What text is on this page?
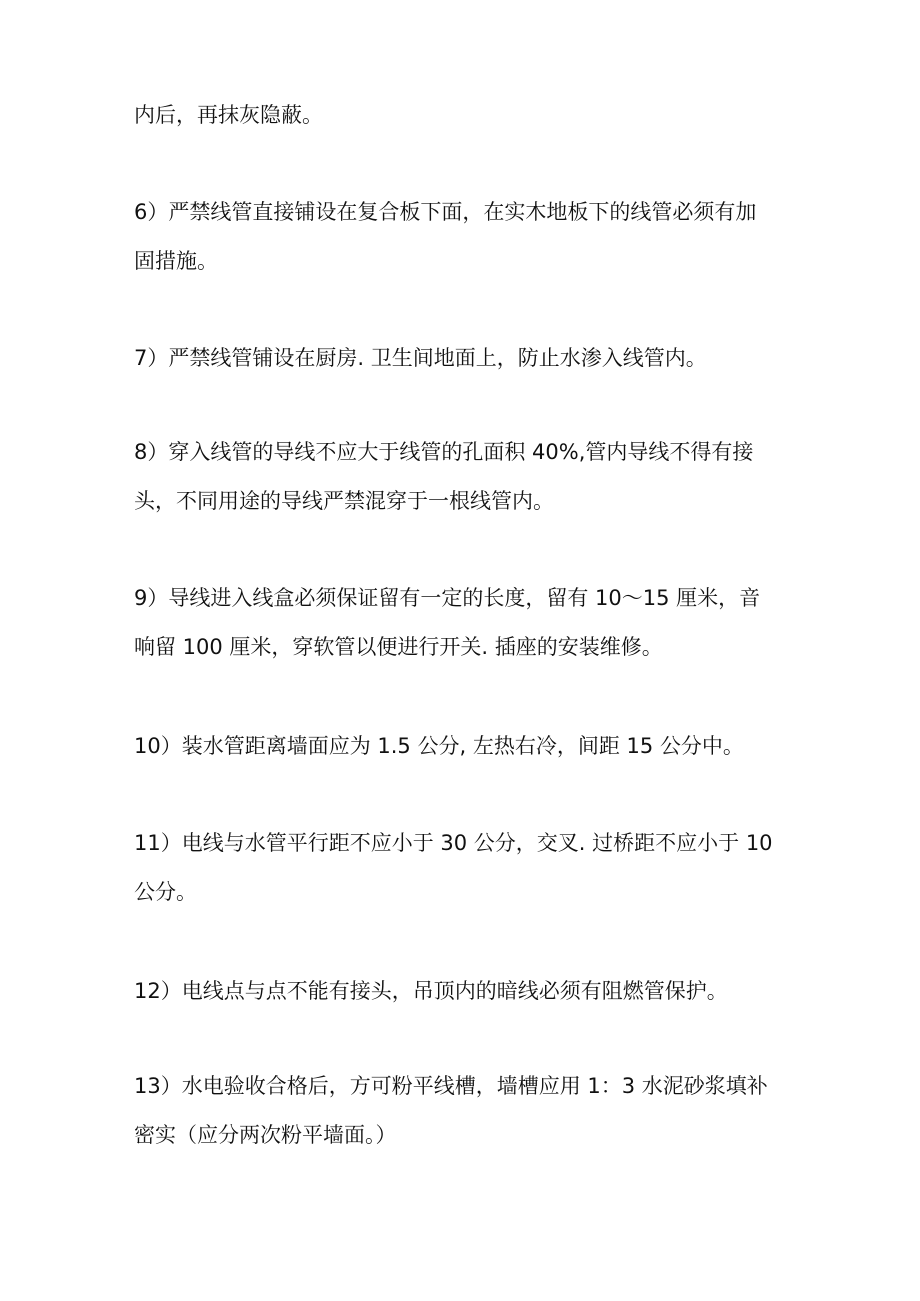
内后，再抹灰隐蔽。
6）严禁线管直接铺设在复合板下面，在实木地板下的线管必须有加
固措施。
7）严禁线管铺设在厨房. 卫生间地面上，防止水渗入线管内。
8）穿入线管的导线不应大于线管的孔面积 40%,管内导线不得有接
头，不同用途的导线严禁混穿于一根线管内。
9）导线进入线盒必须保证留有一定的长度，留有 10～15 厘米，音
响留 100 厘米，穿软管以便进行开关. 插座的安装维修。
10）装水管距离墙面应为 1.5 公分, 左热右冷，间距 15 公分中。
11）电线与水管平行距不应小于 30 公分，交叉. 过桥距不应小于 10
公分。
12）电线点与点不能有接头，吊顶内的暗线必须有阻燃管保护。
13）水电验收合格后，方可粉平线槽，墙槽应用 1：3 水泥砂浆填补
密实（应分两次粉平墙面。）
